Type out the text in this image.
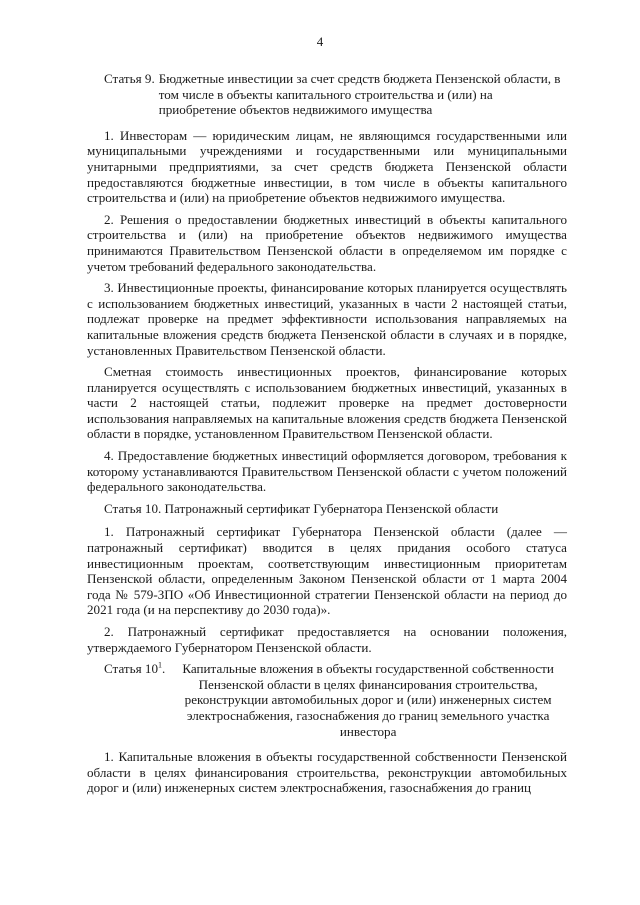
4
Статья 9. Бюджетные инвестиции за счет средств бюджета Пензенской области, в том числе в объекты капитального строительства и (или) на приобретение объектов недвижимого имущества

1. Инвесторам — юридическим лицам, не являющимся государственными или муниципальными учреждениями и государственными или муниципальными унитарными предприятиями, за счет средств бюджета Пензенской области предоставляются бюджетные инвестиции, в том числе в объекты капитального строительства и (или) на приобретение объектов недвижимого имущества.

2. Решения о предоставлении бюджетных инвестиций в объекты капитального строительства и (или) на приобретение объектов недвижимого имущества принимаются Правительством Пензенской области в определяемом им порядке с учетом требований федерального законодательства.

3. Инвестиционные проекты, финансирование которых планируется осуществлять с использованием бюджетных инвестиций, указанных в части 2 настоящей статьи, подлежат проверке на предмет эффективности использования направляемых на капитальные вложения средств бюджета Пензенской области в случаях и в порядке, установленных Правительством Пензенской области.

Сметная стоимость инвестиционных проектов, финансирование которых планируется осуществлять с использованием бюджетных инвестиций, указанных в части 2 настоящей статьи, подлежит проверке на предмет достоверности использования направляемых на капитальные вложения средств бюджета Пензенской области в порядке, установленном Правительством Пензенской области.

4. Предоставление бюджетных инвестиций оформляется договором, требования к которому устанавливаются Правительством Пензенской области с учетом положений федерального законодательства.

Статья 10. Патронажный сертификат Губернатора Пензенской области

1. Патронажный сертификат Губернатора Пензенской области (далее — патронажный сертификат) вводится в целях придания особого статуса инвестиционным проектам, соответствующим инвестиционным приоритетам Пензенской области, определенным Законом Пензенской области от 1 марта 2004 года № 579-ЗПО «Об Инвестиционной стратегии Пензенской области на период до 2021 года (и на перспективу до 2030 года)».

2. Патронажный сертификат предоставляется на основании положения, утверждаемого Губернатором Пензенской области.

Статья $10^1$.	Капитальные вложения в объекты государственной собственности Пензенской области в целях финансирования строительства, реконструкции автомобильных дорог и (или) инженерных систем электроснабжения, газоснабжения до границ земельного участка инвестора

1. Капитальные вложения в объекты государственной собственности Пензенской области в целях финансирования строительства, реконструкции автомобильных дорог и (или) инженерных систем электроснабжения, газоснабжения до границ
